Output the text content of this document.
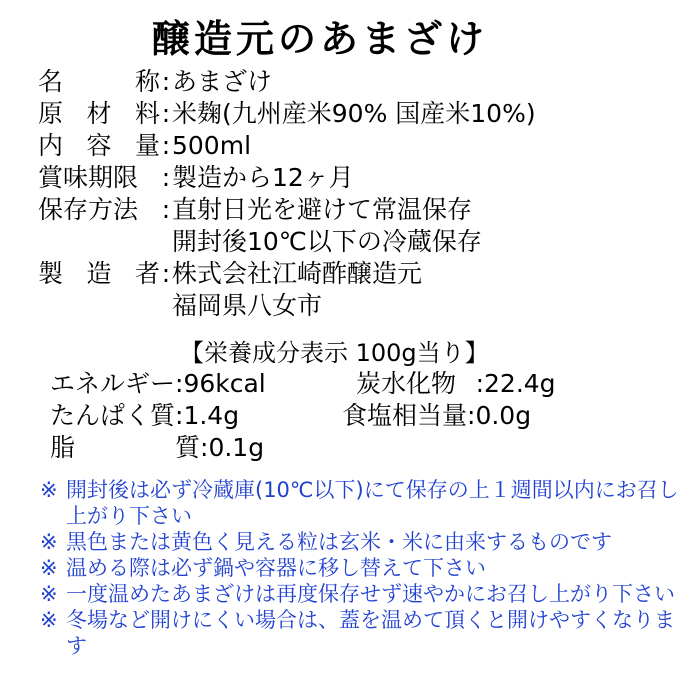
醸造元のあまざけ
名	称 : あまざけ
原 材 料 : 米麹(九州産米90% 国産米10%)
内 容 量 : 500ml
賞味期限 : 製造から12ヶ月
保存方法 : 直射日光を避けて常温保存
開封後10℃以下の冷蔵保存
製 造 者 : 株式会社江崎酢醸造元
福岡県八女市
【栄養成分表示 100g当り】
エネルギー : 96kcal	炭水化物 : 22.4g
たんぱく質 : 1.4g	食塩相当量 : 0.0g
脂	質 : 0.1g
※ 開封後は必ず冷蔵庫(10℃以下)にて保存の上１週間以内にお召し上がり下さい
※ 黒色または黄色く見える粒は玄米・米に由来するものです
※ 温める際は必ず鍋や容器に移し替えて下さい
※ 一度温めたあまざけは再度保存せず速やかにお召し上がり下さい
※ 冬場など開けにくい場合は、蓋を温めて頂くと開けやすくなります
